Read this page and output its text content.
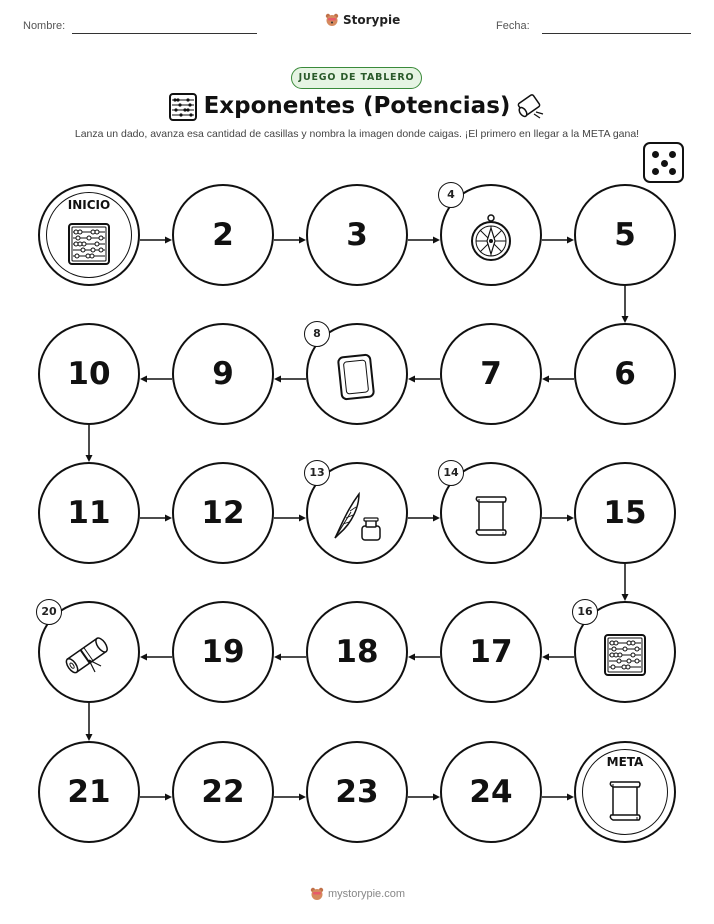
Nombre:	Fecha:
Storypie
JUEGO DE TABLERO
Exponentes (Potencias)
Lanza un dado, avanza esa cantidad de casillas y nombra la imagen donde caigas. ¡El primero en llegar a la META gana!
INICIO
2	3
4
5
10	9
8
7	6
11	12
13	14
15
20
19	18	17
16
21	22	23	24
META
mystorypie.com
